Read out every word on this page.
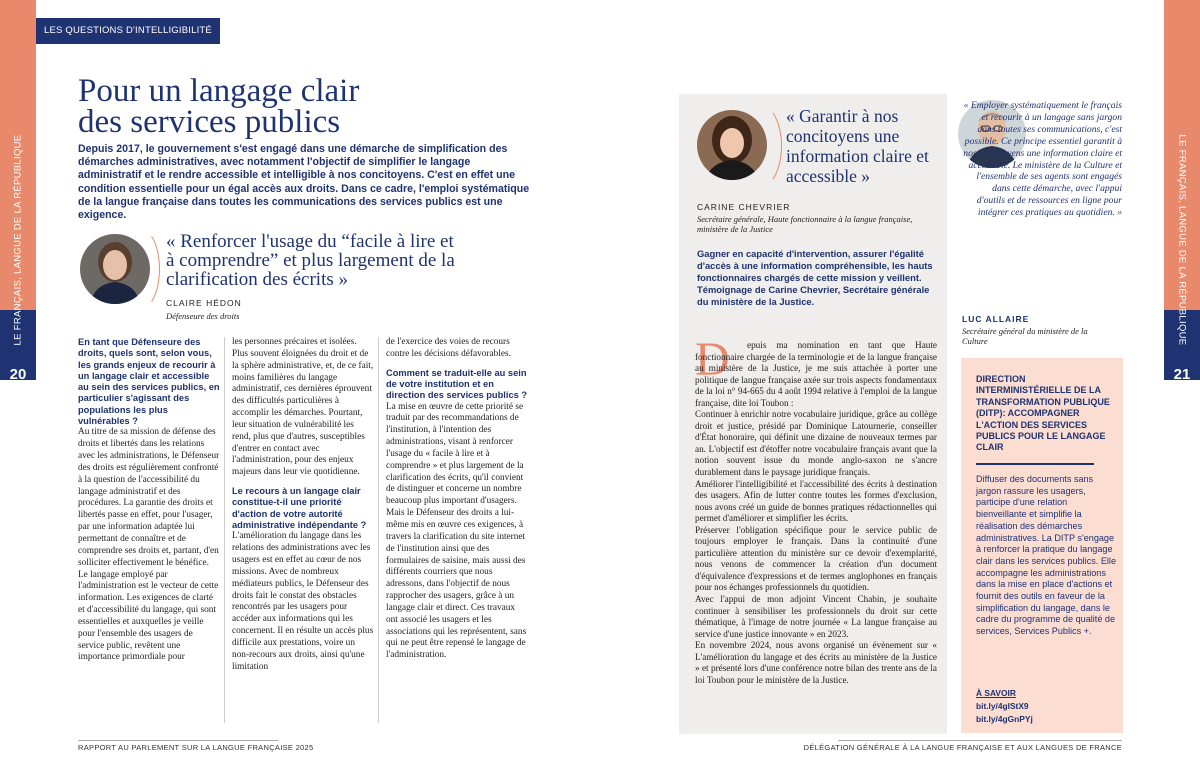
20
LE FRANÇAIS, LANGUE DE LA RÉPUBLIQUE
21
LE FRANÇAIS, LANGUE DE LA RÉPUBLIQUE
LES QUESTIONS D'INTELLIGIBILITÉ
Pour un langage clair
des services publics
Depuis 2017, le gouvernement s'est engagé dans une démarche de simplification des démarches administratives, avec notamment l'objectif de simplifier le langage administratif et le rendre accessible et intelligible à nos concitoyens. C'est en effet une condition essentielle pour un égal accès aux droits. Dans ce cadre, l'emploi systématique de la langue française dans toutes les communications des services publics est une exigence.
« Renforcer l'usage du “facile à lire et à comprendre” et plus largement de la clarification des écrits »
CLAIRE HÉDON
Défenseure des droits

En tant que Défenseure des droits, quels sont, selon vous, les grands enjeux de recourir à un langage clair et accessible au sein des services publics, en particulier s'agissant des populations les plus vulnérables ?

Au titre de sa mission de défense des droits et libertés dans les relations avec les administrations, le Défenseur des droits est régulièrement confronté à la question de l'accessibilité du langage administratif et des procédures. La garantie des droits et libertés passe en effet, pour l'usager, par une information adaptée lui permettant de connaître et de comprendre ses droits et, partant, d'en solliciter effectivement le bénéfice. Le langage employé par l'administration est le vecteur de cette information. Les exigences de clarté et d'accessibilité du langage, qui sont essentielles et auxquelles je veille pour l'ensemble des usagers de service public, revêtent une importance primordiale pour

les personnes précaires et isolées. Plus souvent éloignées du droit et de la sphère administrative, et, de ce fait, moins familières du langage administratif, ces dernières éprouvent des difficultés particulières à accomplir les démarches. Pourtant, leur situation de vulnérabilité les rend, plus que d'autres, susceptibles d'entrer en contact avec l'administration, pour des enjeux majeurs dans leur vie quotidienne.

Le recours à un langage clair constitue-t-il une priorité d'action de votre autorité administrative indépendante ?

L'amélioration du langage dans les relations des administrations avec les usagers est en effet au cœur de nos missions. Avec de nombreux médiateurs publics, le Défenseur des droits fait le constat des obstacles rencontrés par les usagers pour accéder aux informations qui les concernent. Il en résulte un accès plus difficile aux prestations, voire un non-recours aux droits, ainsi qu'une limitation

de l'exercice des voies de recours contre les décisions défavorables.

Comment se traduit-elle au sein de votre institution et en direction des services publics ?

La mise en œuvre de cette priorité se traduit par des recommandations de l'institution, à l'intention des administrations, visant à renforcer l'usage du « facile à lire et à comprendre » et plus largement de la clarification des écrits, qu'il convient de distinguer et concerne un nombre beaucoup plus important d'usagers. Mais le Défenseur des droits a lui-même mis en œuvre ces exigences, à travers la clarification du site internet de l'institution ainsi que des formulaires de saisine, mais aussi des différents courriers que nous adressons, dans l'objectif de nous rapprocher des usagers, grâce à un langage clair et direct. Ces travaux ont associé les usagers et les associations qui les représentent, sans qui ne peut être repensé le langage de l'administration.

RAPPORT AU PARLEMENT SUR LA LANGUE FRANÇAISE 2025
« Garantir à nos concitoyens une information claire et accessible »
CARINE CHEVRIER
Secrétaire générale, Haute fonctionnaire à la langue française, ministère de la Justice
Gagner en capacité d'intervention, assurer l'égalité d'accès à une information compréhensible, les hauts fonctionnaires chargés de cette mission y veillent. Témoignage de Carine Chevrier, Secrétaire générale du ministère de la Justice.
D	epuis ma nomination en tant que Haute fonctionnaire chargée de la terminologie et de la langue française au ministère de la Justice, je me suis attachée à porter une politique de langue française axée sur trois aspects fondamentaux de la loi n° 94-665 du 4 août 1994 relative à l'emploi de la langue française, dite loi Toubon :

Continuer à enrichir notre vocabulaire juridique, grâce au collège droit et justice, présidé par Dominique Latournerie, conseiller d'État honoraire, qui définit une dizaine de nouveaux termes par an. L'objectif est d'étoffer notre vocabulaire français avant que la notion souvent issue du monde anglo-saxon ne s'ancre durablement dans le paysage juridique français.

Améliorer l'intelligibilité et l'accessibilité des écrits à destination des usagers. Afin de lutter contre toutes les formes d'exclusion, nous avons créé un guide de bonnes pratiques rédactionnelles qui permet d'améliorer et simplifier les écrits.

Préserver l'obligation spécifique pour le service public de toujours employer le français. Dans la continuité d'une particulière attention du ministère sur ce devoir d'exemplarité, nous venons de commencer la création d'un document d'équivalence d'expressions et de termes anglophones en français pour nos échanges professionnels du quotidien.

Avec l'appui de mon adjoint Vincent Chabin, je souhaite continuer à sensibiliser les professionnels du droit sur cette thématique, à l'image de notre journée « La langue française au service d'une justice innovante » en 2023.

En novembre 2024, nous avons organisé un évènement sur « L'amélioration du langage et des écrits au ministère de la Justice » et présenté lors d'une conférence notre bilan des trente ans de la loi Toubon pour le ministère de la Justice.

« Employer systématiquement le français et recourir à un langage sans jargon dans toutes ses communications, c'est possible. Ce principe essentiel garantit à nos concitoyens une information claire et accessible. Le ministère de la Culture et l'ensemble de ses agents sont engagés dans cette démarche, avec l'appui d'outils et de ressources en ligne pour intégrer ces pratiques au quotidien. »
LUC ALLAIRE
Secrétaire général du ministère de la Culture
DIRECTION INTERMINISTÉRIELLE DE LA TRANSFORMATION PUBLIQUE (DITP): ACCOMPAGNER L'ACTION DES SERVICES PUBLICS POUR LE LANGAGE CLAIR
Diffuser des documents sans jargon rassure les usagers, participe d'une relation bienveillante et simplifie la réalisation des démarches administratives. La DITP s'engage à renforcer la pratique du langage clair dans les services publics. Elle accompagne les administrations dans la mise en place d'actions et fournit des outils en faveur de la simplification du langage, dans le cadre du programme de qualité de services, Services Publics +.
À SAVOIR
bit.ly/4gIStX9
bit.ly/4gGnPYj
DÉLÉGATION GÉNÉRALE À LA LANGUE FRANÇAISE ET AUX LANGUES DE FRANCE
